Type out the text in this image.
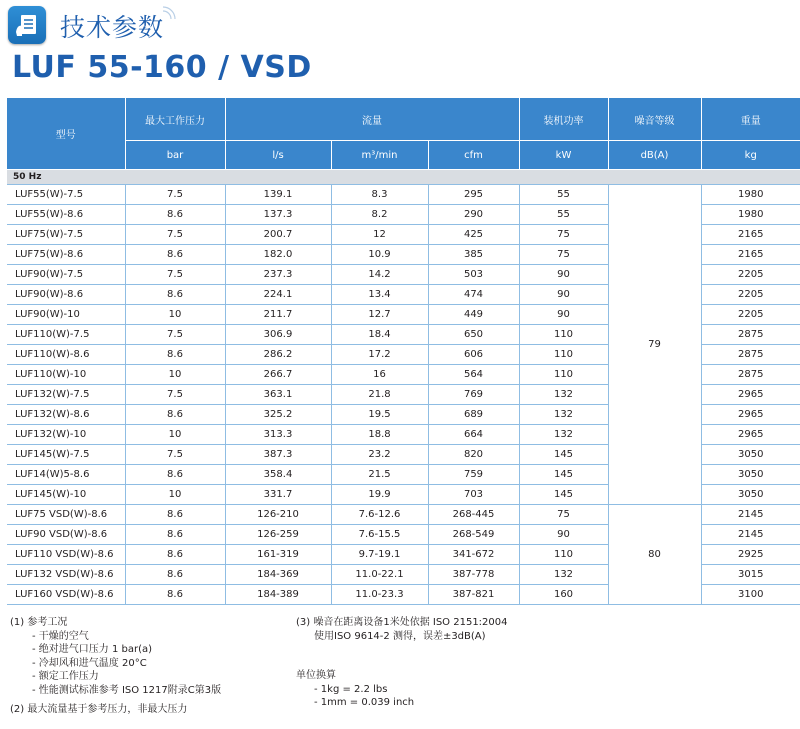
技术参数
LUF 55-160 / VSD
型号	最大工作压力	流量			装机功率	噪音等级	重量
	bar	l/s	m³/min	cfm	kW	dB(A)	kg
50 Hz							
LUF55(W)-7.5	7.5	139.1	8.3	295	55	79	1980
LUF55(W)-8.6	8.6	137.3	8.2	290	55		1980
LUF75(W)-7.5	7.5	200.7	12	425	75		2165
LUF75(W)-8.6	8.6	182.0	10.9	385	75		2165
LUF90(W)-7.5	7.5	237.3	14.2	503	90		2205
LUF90(W)-8.6	8.6	224.1	13.4	474	90		2205
LUF90(W)-10	10	211.7	12.7	449	90		2205
LUF110(W)-7.5	7.5	306.9	18.4	650	110		2875
LUF110(W)-8.6	8.6	286.2	17.2	606	110		2875
LUF110(W)-10	10	266.7	16	564	110		2875
LUF132(W)-7.5	7.5	363.1	21.8	769	132		2965
LUF132(W)-8.6	8.6	325.2	19.5	689	132		2965
LUF132(W)-10	10	313.3	18.8	664	132		2965
LUF145(W)-7.5	7.5	387.3	23.2	820	145		3050
LUF14(W)5-8.6	8.6	358.4	21.5	759	145		3050
LUF145(W)-10	10	331.7	19.9	703	145		3050
LUF75 VSD(W)-8.6	8.6	126-210	7.6-12.6	268-445	75	80	2145
LUF90 VSD(W)-8.6	8.6	126-259	7.6-15.5	268-549	90		2145
LUF110 VSD(W)-8.6	8.6	161-319	9.7-19.1	341-672	110		2925
LUF132 VSD(W)-8.6	8.6	184-369	11.0-22.1	387-778	132		3015
LUF160 VSD(W)-8.6	8.6	184-389	11.0-23.3	387-821	160		3100
(1) 参考工况
- 干燥的空气
- 绝对进气口压力 1 bar(a)
- 冷却风和进气温度 20°C
- 额定工作压力
- 性能测试标准参考 ISO 1217附录C第3版
(2) 最大流量基于参考压力，非最大压力
(3) 噪音在距离设备1米处依据 ISO 2151:2004
使用ISO 9614-2 测得，误差±3dB(A)
单位换算
- 1kg = 2.2 lbs
- 1mm = 0.039 inch
